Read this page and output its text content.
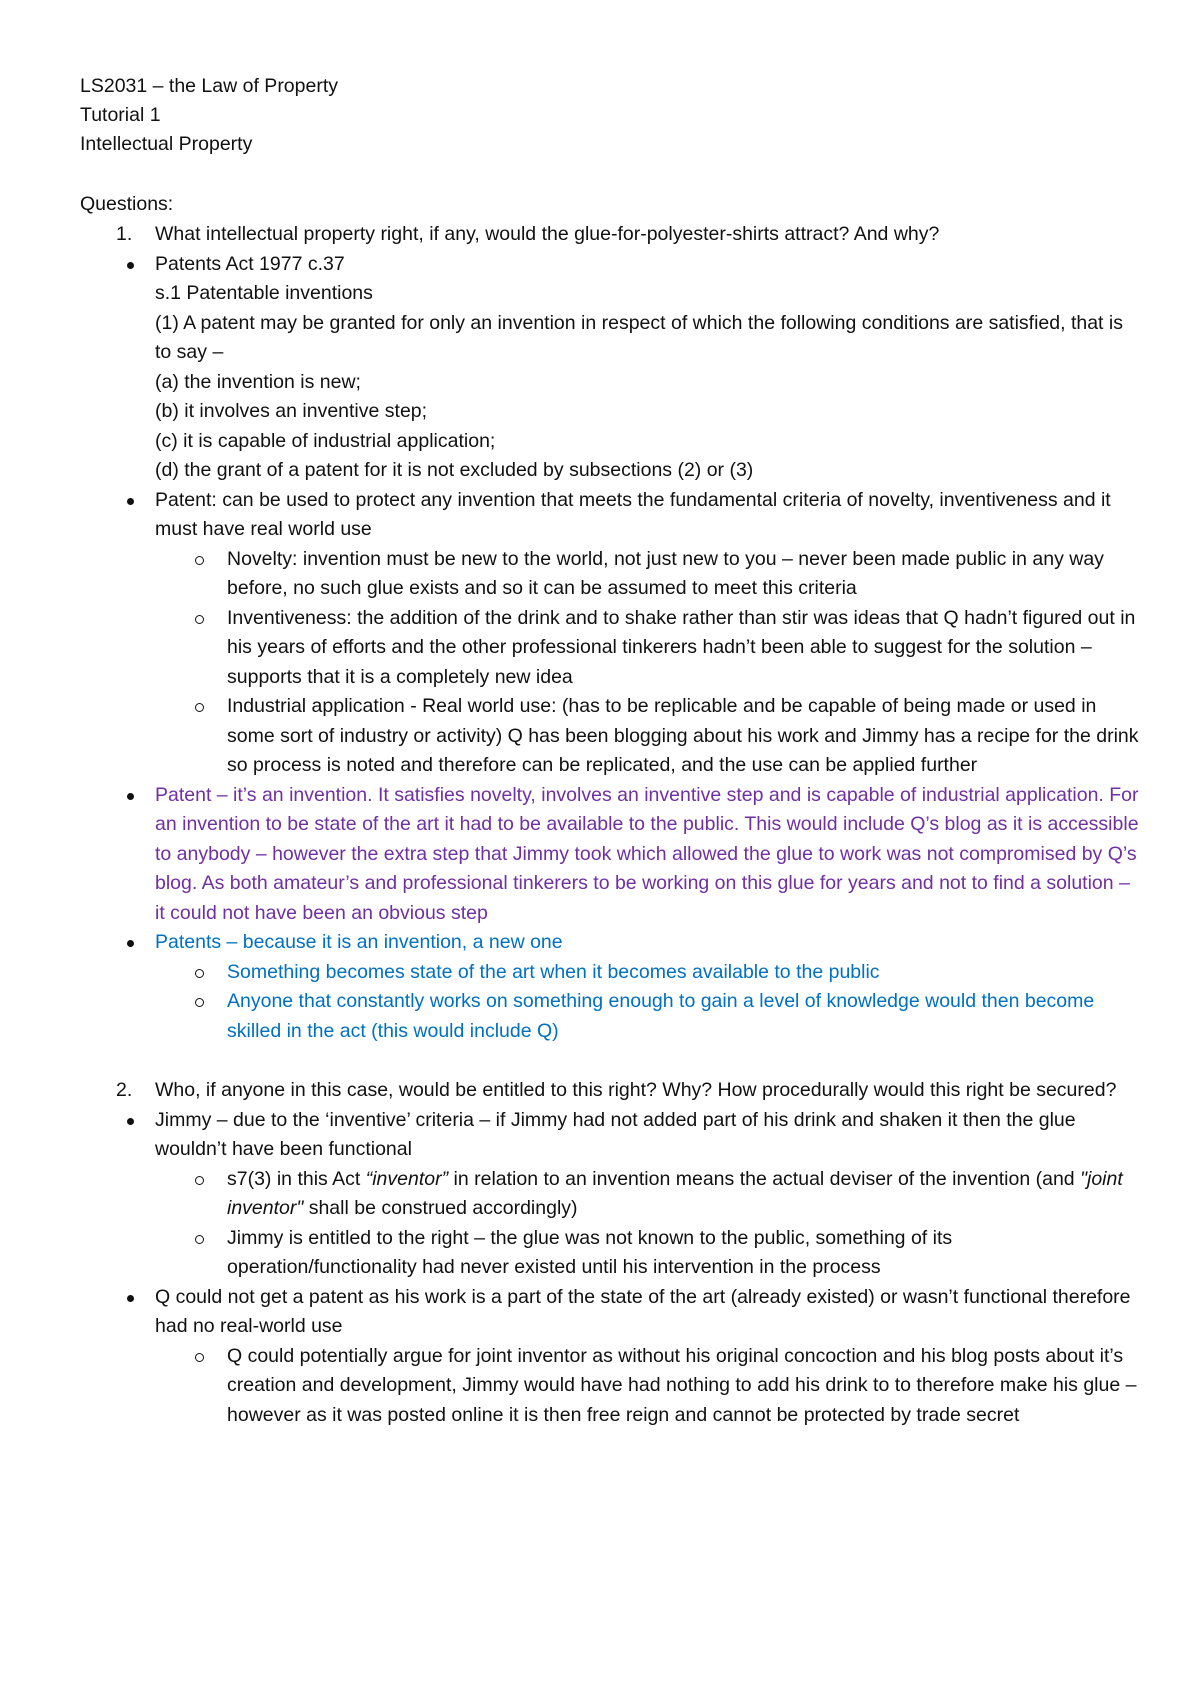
LS2031 – the Law of Property
Tutorial 1
Intellectual Property
Questions:
1. What intellectual property right, if any, would the glue-for-polyester-shirts attract? And why?
Patents Act 1977 c.37
s.1 Patentable inventions
(1) A patent may be granted for only an invention in respect of which the following conditions are satisfied, that is to say –
(a) the invention is new;
(b) it involves an inventive step;
(c) it is capable of industrial application;
(d) the grant of a patent for it is not excluded by subsections (2) or (3)
Patent: can be used to protect any invention that meets the fundamental criteria of novelty, inventiveness and it must have real world use
Novelty: invention must be new to the world, not just new to you – never been made public in any way before, no such glue exists and so it can be assumed to meet this criteria
Inventiveness: the addition of the drink and to shake rather than stir was ideas that Q hadn’t figured out in his years of efforts and the other professional tinkerers hadn’t been able to suggest for the solution – supports that it is a completely new idea
Industrial application - Real world use: (has to be replicable and be capable of being made or used in some sort of industry or activity) Q has been blogging about his work and Jimmy has a recipe for the drink so process is noted and therefore can be replicated, and the use can be applied further
Patent – it’s an invention. It satisfies novelty, involves an inventive step and is capable of industrial application. For an invention to be state of the art it had to be available to the public. This would include Q’s blog as it is accessible to anybody – however the extra step that Jimmy took which allowed the glue to work was not compromised by Q’s blog. As both amateur’s and professional tinkerers to be working on this glue for years and not to find a solution – it could not have been an obvious step
Patents – because it is an invention, a new one
Something becomes state of the art when it becomes available to the public
Anyone that constantly works on something enough to gain a level of knowledge would then become skilled in the act (this would include Q)
2. Who, if anyone in this case, would be entitled to this right? Why? How procedurally would this right be secured?
Jimmy – due to the ‘inventive’ criteria – if Jimmy had not added part of his drink and shaken it then the glue wouldn’t have been functional
s7(3) in this Act “inventor” in relation to an invention means the actual deviser of the invention (and "joint inventor" shall be construed accordingly)
Jimmy is entitled to the right – the glue was not known to the public, something of its operation/functionality had never existed until his intervention in the process
Q could not get a patent as his work is a part of the state of the art (already existed) or wasn’t functional therefore had no real-world use
Q could potentially argue for joint inventor as without his original concoction and his blog posts about it’s creation and development, Jimmy would have had nothing to add his drink to to therefore make his glue – however as it was posted online it is then free reign and cannot be protected by trade secret
